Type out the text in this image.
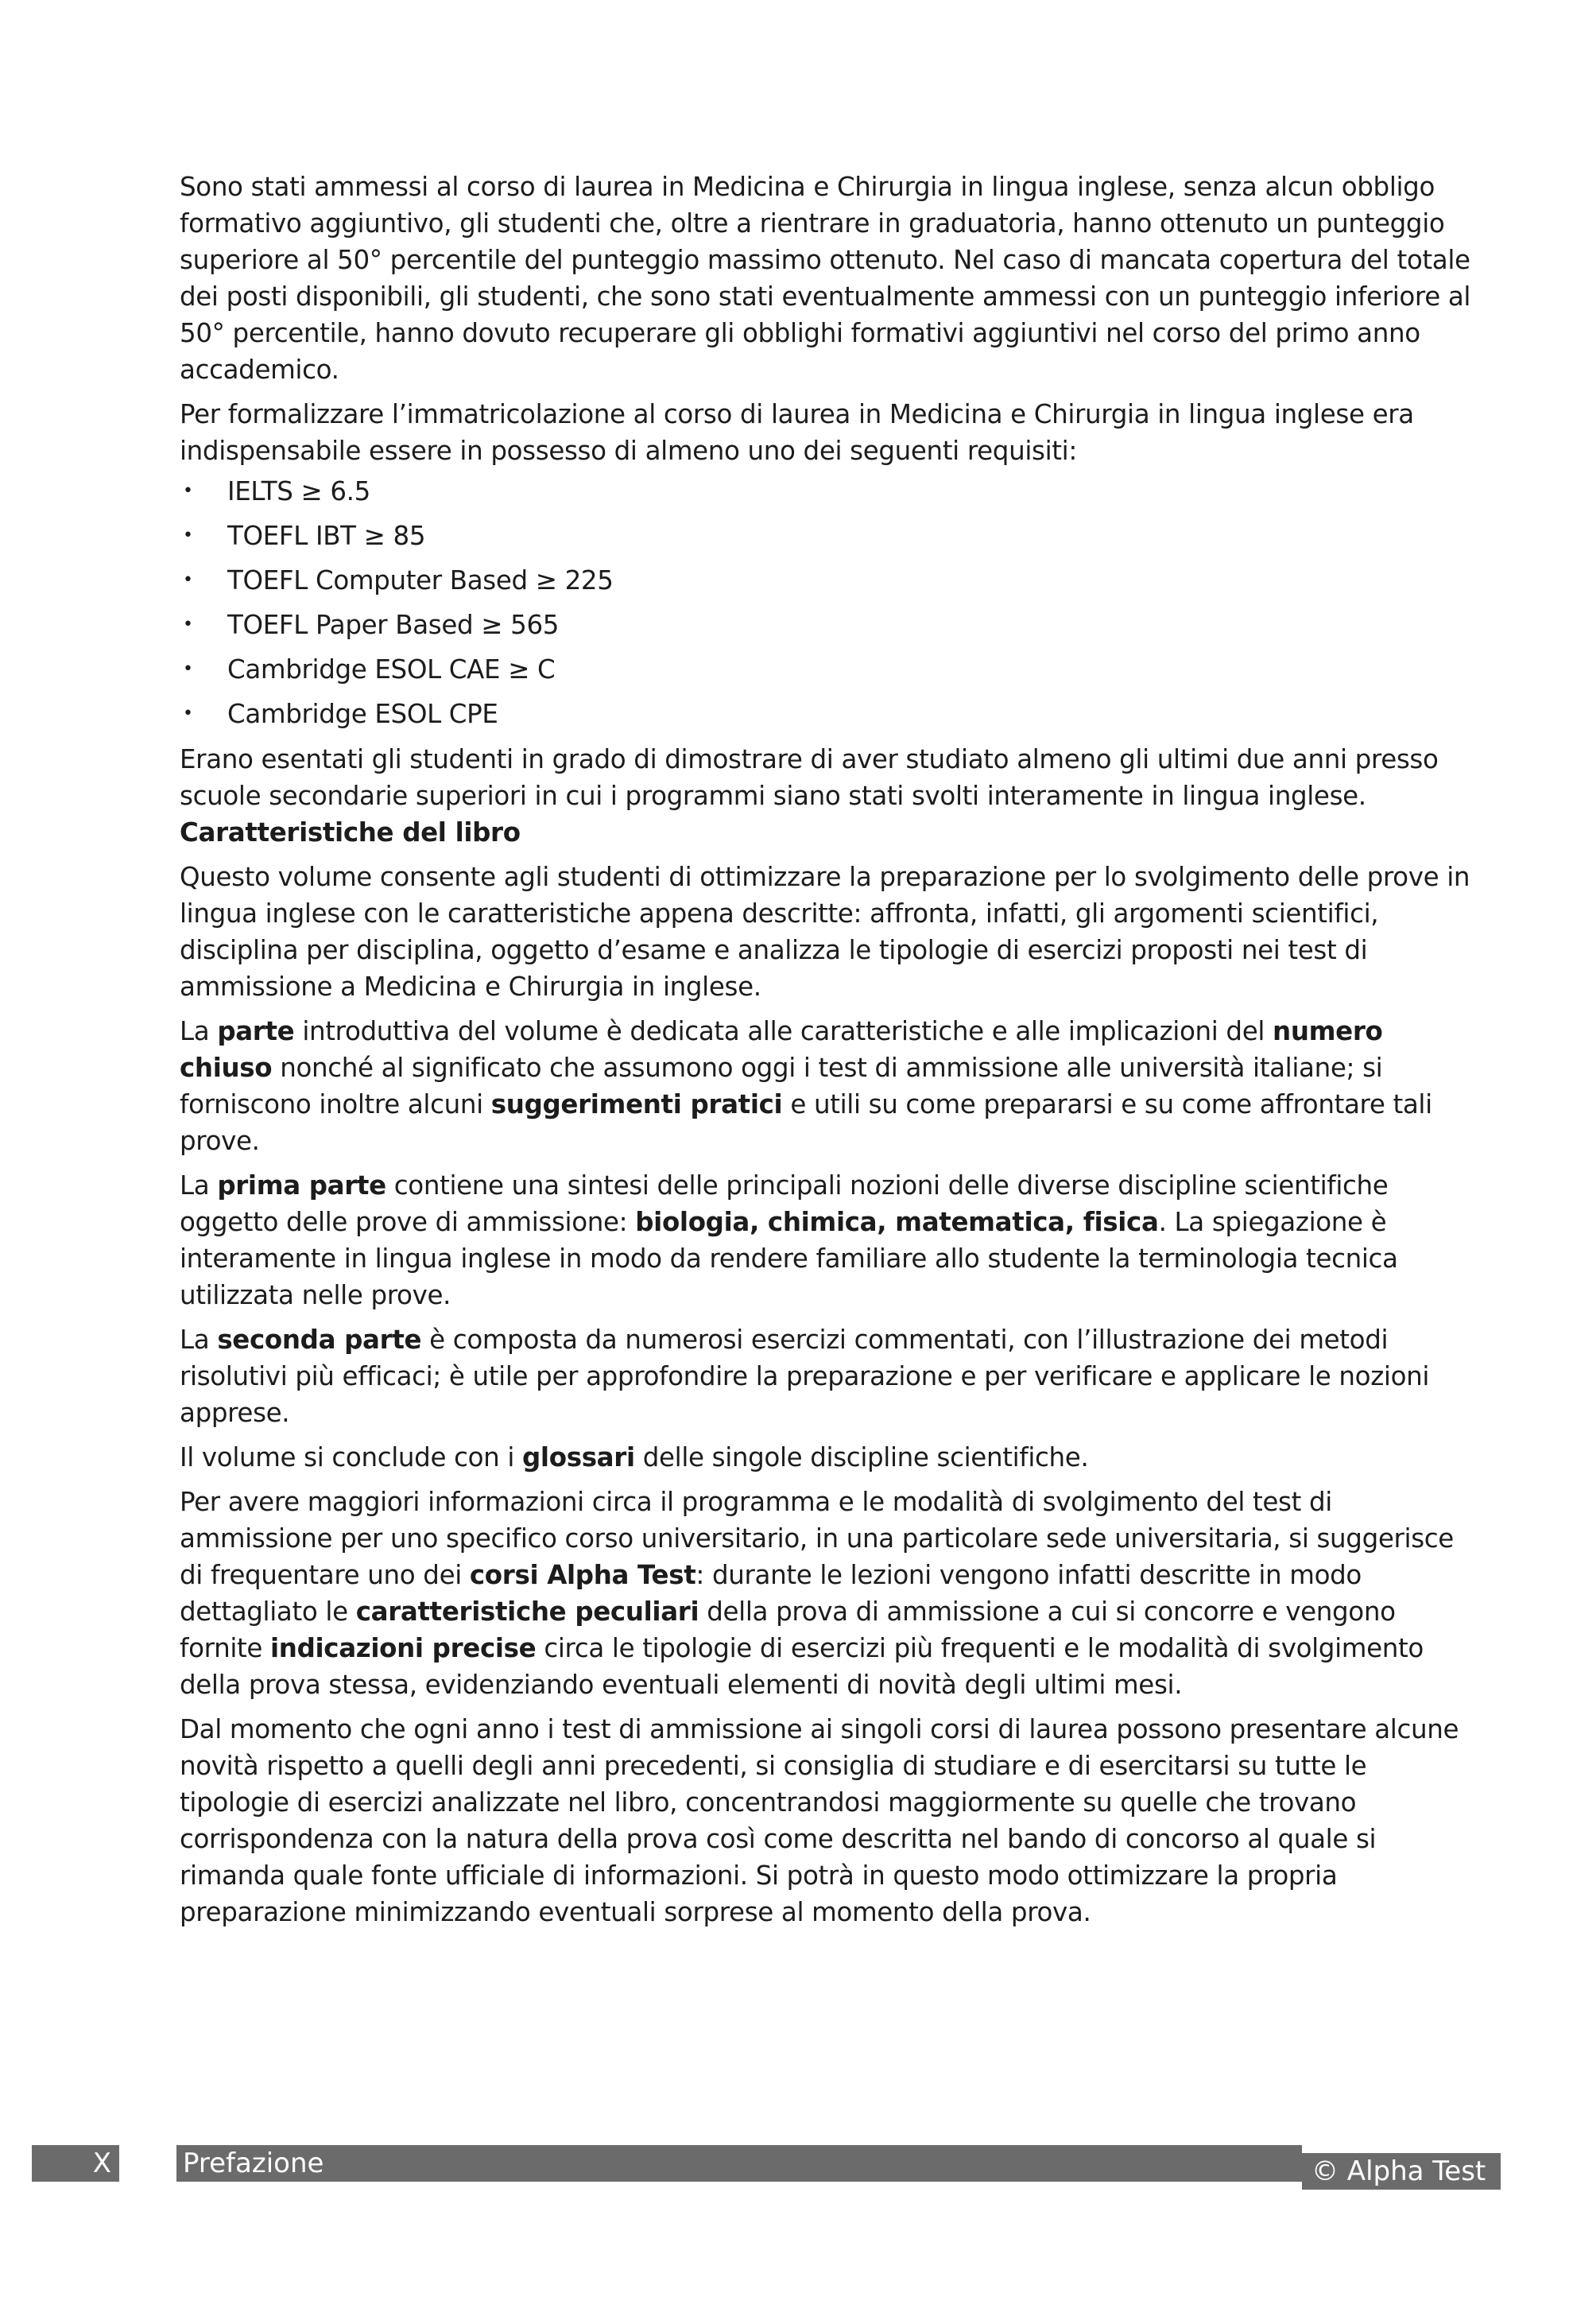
Sono stati ammessi al corso di laurea in Medicina e Chirurgia in lingua inglese, senza alcun obbligo formativo aggiuntivo, gli studenti che, oltre a rientrare in graduatoria, hanno ottenuto un punteggio superiore al 50° percentile del punteggio massimo ottenuto. Nel caso di mancata copertura del totale dei posti disponibili, gli studenti, che sono stati eventualmente ammessi con un punteggio inferiore al 50° percentile, hanno dovuto recuperare gli obblighi formativi aggiuntivi nel corso del primo anno accademico.

Per formalizzare l’immatricolazione al corso di laurea in Medicina e Chirurgia in lingua inglese era indispensabile essere in possesso di almeno uno dei seguenti requisiti:

• IELTS ≥ 6.5
• TOEFL IBT ≥ 85
• TOEFL Computer Based ≥ 225
• TOEFL Paper Based ≥ 565
• Cambridge ESOL CAE ≥ C
• Cambridge ESOL CPE

Erano esentati gli studenti in grado di dimostrare di aver studiato almeno gli ultimi due anni presso scuole secondarie superiori in cui i programmi siano stati svolti interamente in lingua inglese.

Caratteristiche del libro

Questo volume consente agli studenti di ottimizzare la preparazione per lo svolgimento delle prove in lingua inglese con le caratteristiche appena descritte: affronta, infatti, gli argomenti scientifici, disciplina per disciplina, oggetto d’esame e analizza le tipologie di esercizi proposti nei test di ammissione a Medicina e Chirurgia in inglese.

La parte introduttiva del volume è dedicata alle caratteristiche e alle implicazioni del numero chiuso nonché al significato che assumono oggi i test di ammissione alle università italiane; si forniscono inoltre alcuni suggerimenti pratici e utili su come prepararsi e su come affrontare tali prove.

La prima parte contiene una sintesi delle principali nozioni delle diverse discipline scientifiche oggetto delle prove di ammissione: biologia, chimica, matematica, fisica. La spiegazione è interamente in lingua inglese in modo da rendere familiare allo studente la terminologia tecnica utilizzata nelle prove.

La seconda parte è composta da numerosi esercizi commentati, con l’illustrazione dei metodi risolutivi più efficaci; è utile per approfondire la preparazione e per verificare e applicare le nozioni apprese.

Il volume si conclude con i glossari delle singole discipline scientifiche.

Per avere maggiori informazioni circa il programma e le modalità di svolgimento del test di ammissione per uno specifico corso universitario, in una particolare sede universitaria, si suggerisce di frequentare uno dei corsi Alpha Test: durante le lezioni vengono infatti descritte in modo dettagliato le caratteristiche peculiari della prova di ammissione a cui si concorre e vengono fornite indicazioni precise circa le tipologie di esercizi più frequenti e le modalità di svolgimento della prova stessa, evidenziando eventuali elementi di novità degli ultimi mesi.

Dal momento che ogni anno i test di ammissione ai singoli corsi di laurea possono presentare alcune novità rispetto a quelli degli anni precedenti, si consiglia di studiare e di esercitarsi su tutte le tipologie di esercizi analizzate nel libro, concentrandosi maggiormente su quelle che trovano corrispondenza con la natura della prova così come descritta nel bando di concorso al quale si rimanda quale fonte ufficiale di informazioni. Si potrà in questo modo ottimizzare la propria preparazione minimizzando eventuali sorprese al momento della prova.

X	Prefazione	© Alpha Test
